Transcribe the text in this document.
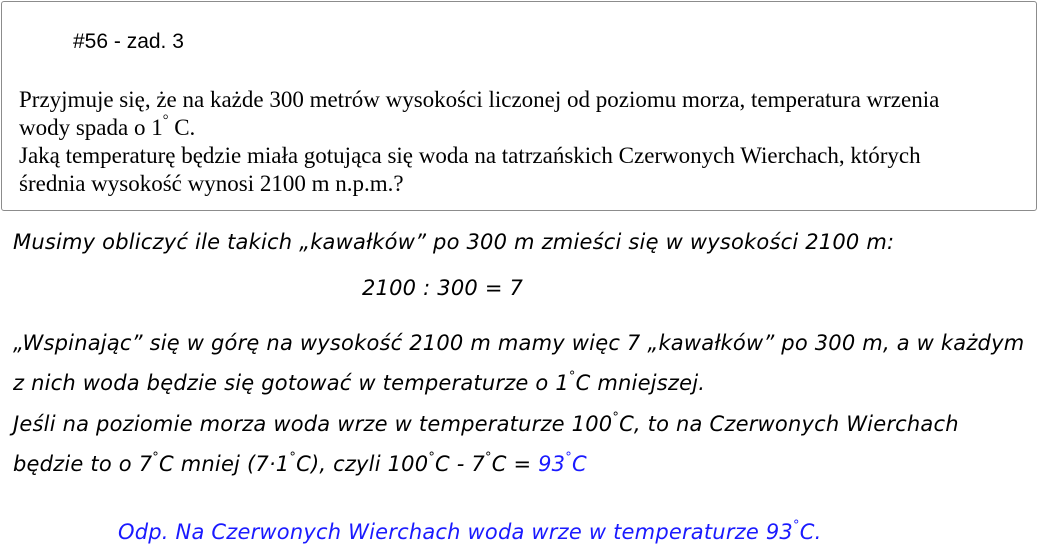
#56 - zad. 3
Przyjmuje się, że na każde 300 metrów wysokości liczonej od poziomu morza, temperatura wrzenia
wody spada o 1° C.
Jaką temperaturę będzie miała gotująca się woda na tatrzańskich Czerwonych Wierchach, których
średnia wysokość wynosi 2100 m n.p.m.?
Musimy obliczyć ile takich „kawałków” po 300 m zmieści się w wysokości 2100 m:
2100 : 300 = 7
„Wspinając” się w górę na wysokość 2100 m mamy więc 7 „kawałków” po 300 m, a w każdym
z nich woda będzie się gotować w temperaturze o 1°C mniejszej.
Jeśli na poziomie morza woda wrze w temperaturze 100°C, to na Czerwonych Wierchach
będzie to o 7°C mniej (7·1°C), czyli 100°C - 7°C = 93°C
Odp. Na Czerwonych Wierchach woda wrze w temperaturze 93°C.
